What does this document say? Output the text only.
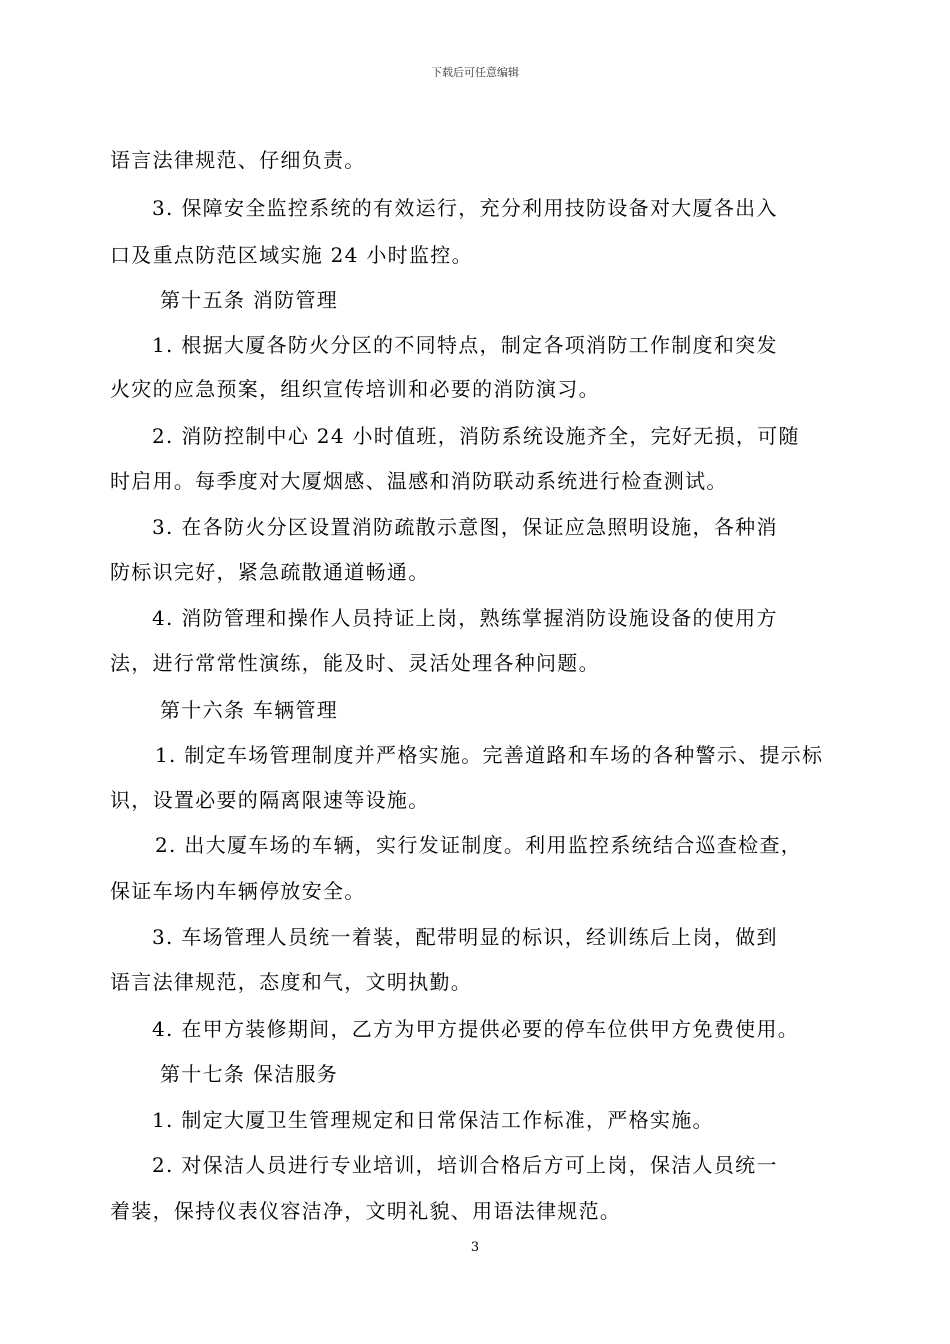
下载后可任意编辑
语言法律规范、仔细负责。
3. 保障安全监控系统的有效运行，充分利用技防设备对大厦各出入
口及重点防范区域实施 24 小时监控。
第十五条 消防管理
1. 根据大厦各防火分区的不同特点，制定各项消防工作制度和突发
火灾的应急预案，组织宣传培训和必要的消防演习。
2. 消防控制中心 24 小时值班，消防系统设施齐全，完好无损，可随
时启用。每季度对大厦烟感、温感和消防联动系统进行检查测试。
3. 在各防火分区设置消防疏散示意图，保证应急照明设施，各种消
防标识完好，紧急疏散通道畅通。
4. 消防管理和操作人员持证上岗，熟练掌握消防设施设备的使用方
法，进行常常性演练，能及时、灵活处理各种问题。
第十六条 车辆管理
1. 制定车场管理制度并严格实施。完善道路和车场的各种警示、提示标
识，设置必要的隔离限速等设施。
2. 出大厦车场的车辆，实行发证制度。利用监控系统结合巡查检查，
保证车场内车辆停放安全。
3. 车场管理人员统一着装，配带明显的标识，经训练后上岗，做到
语言法律规范，态度和气，文明执勤。
4. 在甲方装修期间，乙方为甲方提供必要的停车位供甲方免费使用。
第十七条 保洁服务
1. 制定大厦卫生管理规定和日常保洁工作标准，严格实施。
2. 对保洁人员进行专业培训，培训合格后方可上岗，保洁人员统一
着装，保持仪表仪容洁净，文明礼貌、用语法律规范。
3
